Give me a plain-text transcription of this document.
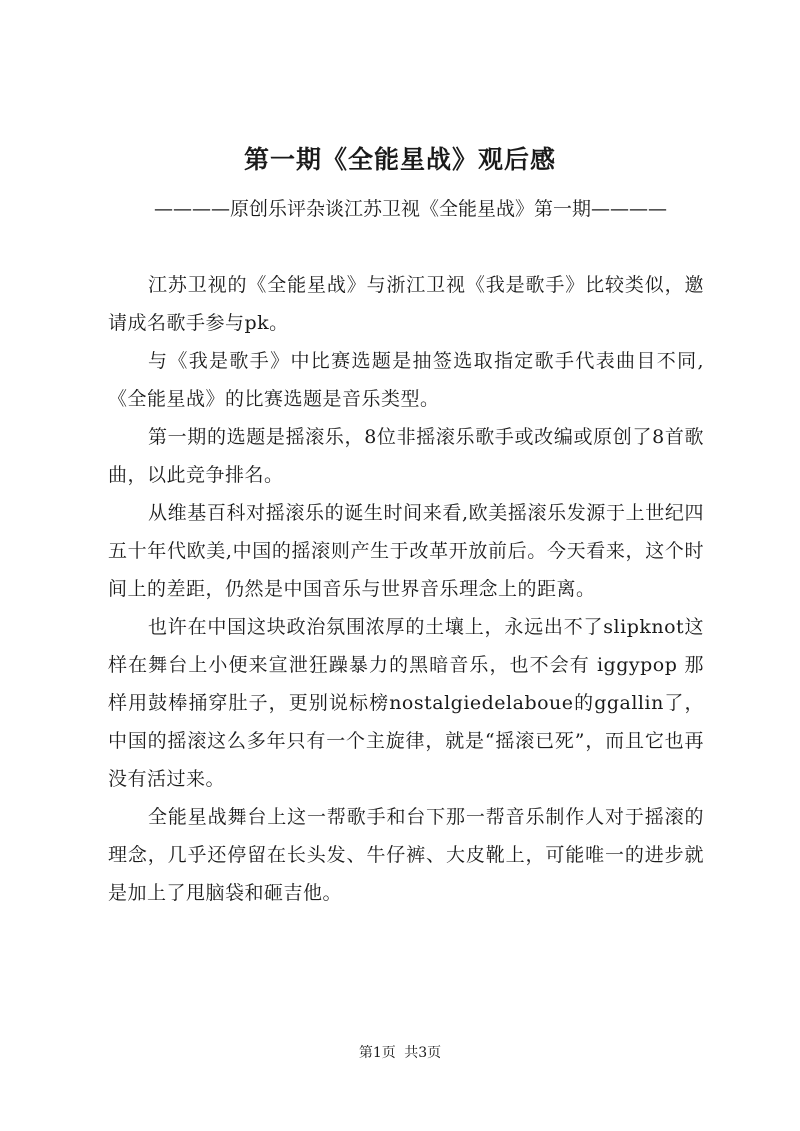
第一期《全能星战》观后感

————原创乐评杂谈江苏卫视《全能星战》第一期————

江苏卫视的《全能星战》与浙江卫视《我是歌手》比较类似，邀请成名歌手参与pk。

与《我是歌手》中比赛选题是抽签选取指定歌手代表曲目不同,《全能星战》的比赛选题是音乐类型。

第一期的选题是摇滚乐，8位非摇滚乐歌手或改编或原创了8首歌曲，以此竞争排名。

从维基百科对摇滚乐的诞生时间来看,欧美摇滚乐发源于上世纪四五十年代欧美,中国的摇滚则产生于改革开放前后。今天看来，这个时间上的差距，仍然是中国音乐与世界音乐理念上的距离。

也许在中国这块政治氛围浓厚的土壤上，永远出不了slipknot这样在舞台上小便来宣泄狂躁暴力的黑暗音乐，也不会有 iggypop 那样用鼓棒捅穿肚子，更别说标榜nostalgiedelaboue的ggallin了，中国的摇滚这么多年只有一个主旋律，就是“摇滚已死”，而且它也再没有活过来。

全能星战舞台上这一帮歌手和台下那一帮音乐制作人对于摇滚的理念，几乎还停留在长头发、牛仔裤、大皮靴上，可能唯一的进步就是加上了甩脑袋和砸吉他。

第1页 共3页
